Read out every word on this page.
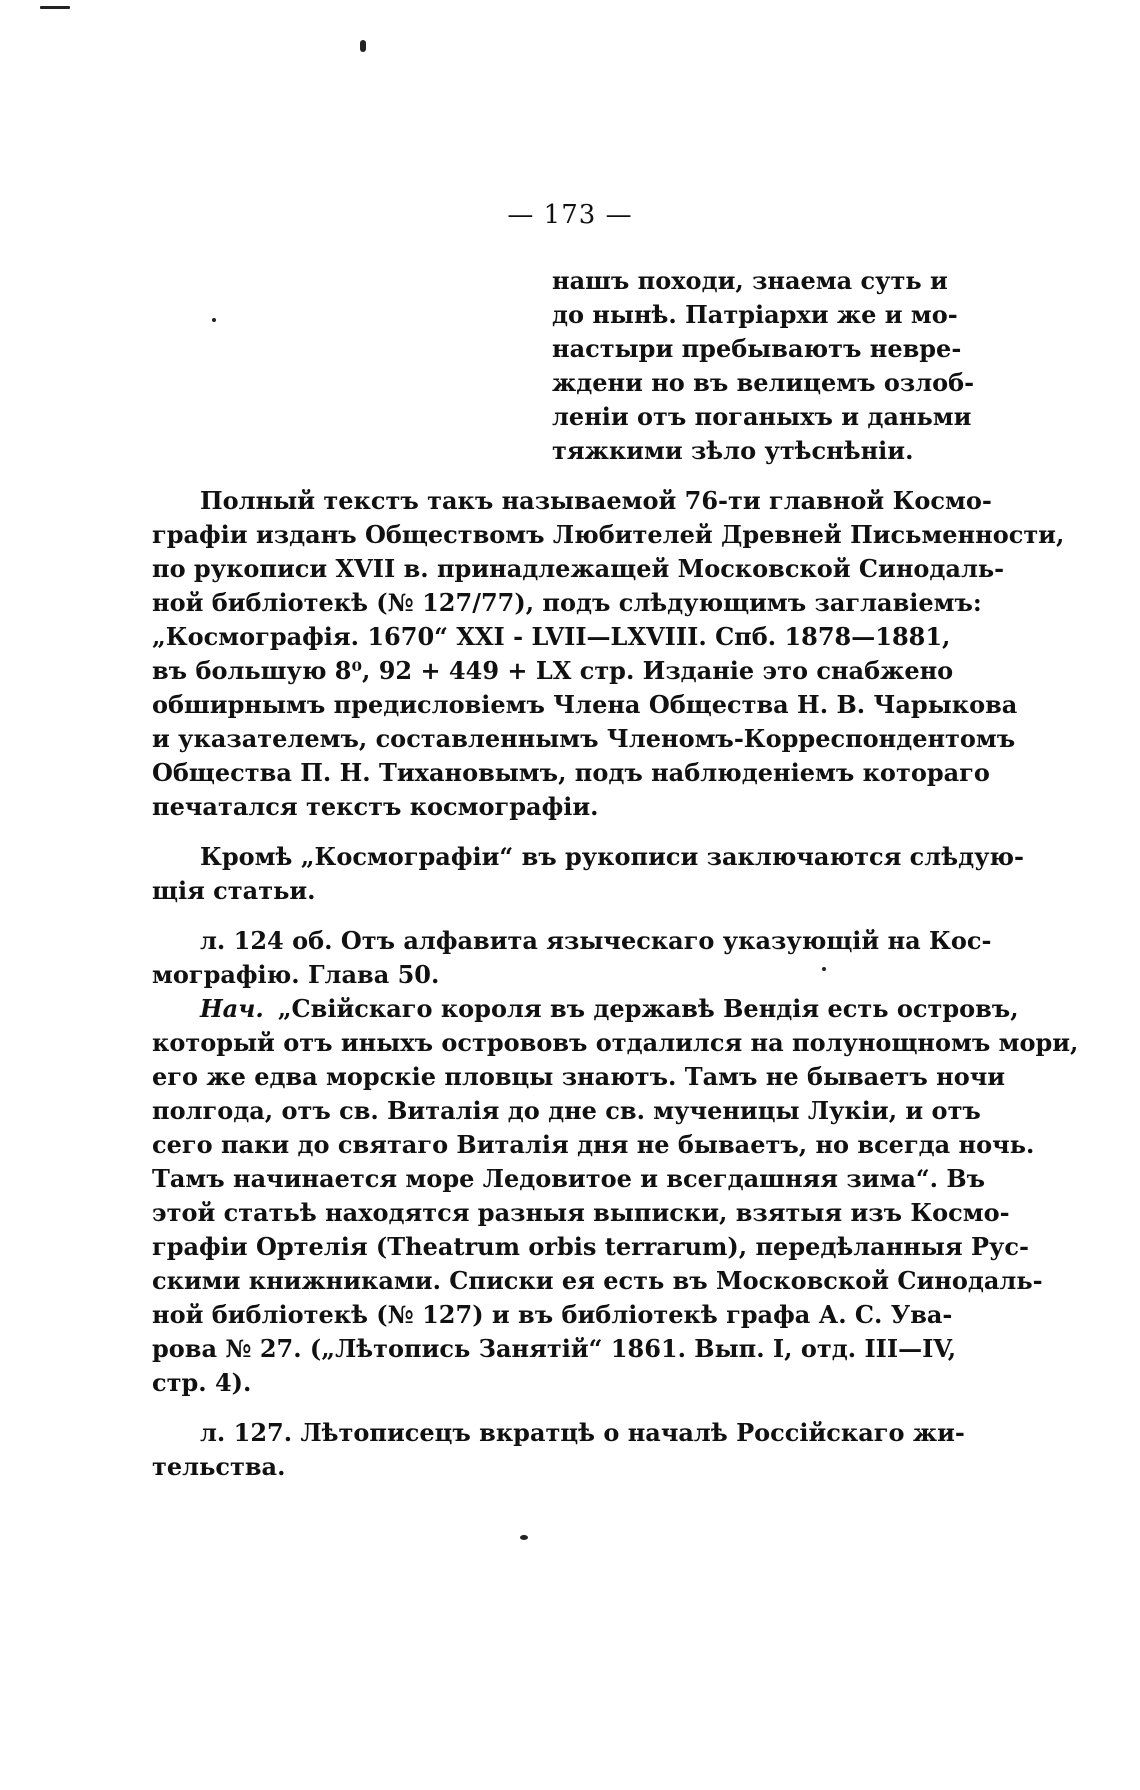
— 173 —
нашъ походи, знаема суть и
до нынѣ. Патріархи же и мо-
настыри пребываютъ невре-
ждени но въ велицемъ озлоб-
леніи отъ поганыхъ и даньми
тяжкими зѣло утѣснѣніи.
Полный текстъ такъ называемой 76-ти главной Космо-
графіи изданъ Обществомъ Любителей Древней Письменности,
по рукописи XVII в. принадлежащей Московской Синодаль-
ной библіотекѣ (№ 127/77), подъ слѣдующимъ заглавіемъ:
„Космографія. 1670“ XXI - LVII—LXVIII. Спб. 1878—1881,
въ большую 8⁰, 92 + 449 + LX стр. Изданіе это снабжено
обширнымъ предисловіемъ Члена Общества Н. В. Чарыкова
и указателемъ, составленнымъ Членомъ-Корреспондентомъ
Общества П. Н. Тихановымъ, подъ наблюденіемъ котораго
печатался текстъ космографіи.
Кромѣ „Космографіи“ въ рукописи заключаются слѣдую-
щія статьи.
л. 124 об. Отъ алфавита языческаго указующій на Кос-
мографію. Глава 50.
Нач. „Свійскаго короля въ державѣ Вендія есть островъ,
который отъ иныхъ острововъ отдалился на полунощномъ мори,
его же едва морскіе пловцы знаютъ. Тамъ не бываетъ ночи
полгода, отъ св. Виталія до дне св. мученицы Лукіи, и отъ
сего паки до святаго Виталія дня не бываетъ, но всегда ночь.
Тамъ начинается море Ледовитое и всегдашняя зима“. Въ
этой статьѣ находятся разныя выписки, взятыя изъ Космо-
графіи Ортелія (Theatrum orbis terrarum), передѣланныя Рус-
скими книжниками. Списки ея есть въ Московской Синодаль-
ной библіотекѣ (№ 127) и въ библіотекѣ графа А. С. Ува-
рова № 27. („Лѣтопись Занятій“ 1861. Вып. I, отд. III—IV,
стр. 4).
л. 127. Лѣтописецъ вкратцѣ о началѣ Россійскаго жи-
тельства.
